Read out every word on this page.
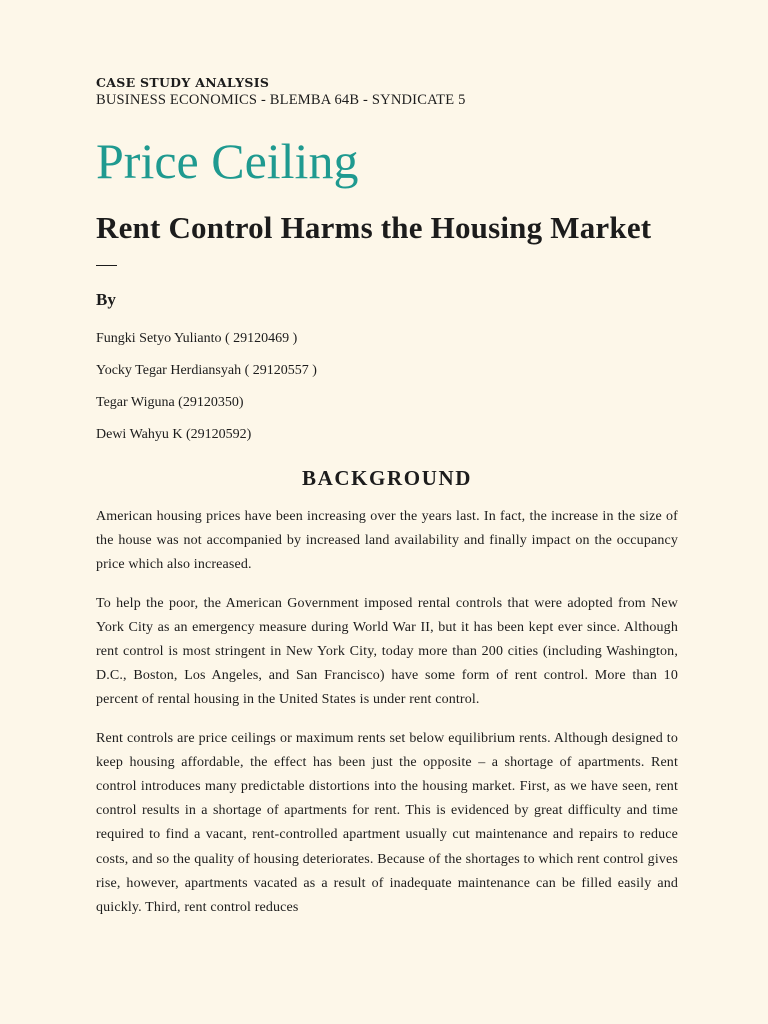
CASE STUDY ANALYSIS
BUSINESS ECONOMICS - BLEMBA 64B - SYNDICATE 5
Price Ceiling
Rent Control Harms the Housing Market
By
Fungki Setyo Yulianto ( 29120469 )
Yocky Tegar Herdiansyah ( 29120557 )
Tegar Wiguna (29120350)
Dewi Wahyu K (29120592)
BACKGROUND

American housing prices have been increasing over the years last. In fact, the increase in the size of the house was not accompanied by increased land availability and finally impact on the occupancy price which also increased.

To help the poor, the American Government imposed rental controls that were adopted from New York City as an emergency measure during World War II, but it has been kept ever since. Although rent control is most stringent in New York City, today more than 200 cities (including Washington, D.C., Boston, Los Angeles, and San Francisco) have some form of rent control. More than 10 percent of rental housing in the United States is under rent control.

Rent controls are price ceilings or maximum rents set below equilibrium rents. Although designed to keep housing affordable, the effect has been just the opposite – a shortage of apartments. Rent control introduces many predictable distortions into the housing market. First, as we have seen, rent control results in a shortage of apartments for rent. This is evidenced by great difficulty and time required to find a vacant, rent-controlled apartment usually cut maintenance and repairs to reduce costs, and so the quality of housing deteriorates. Because of the shortages to which rent control gives rise, however, apartments vacated as a result of inadequate maintenance can be filled easily and quickly. Third, rent control reduces
